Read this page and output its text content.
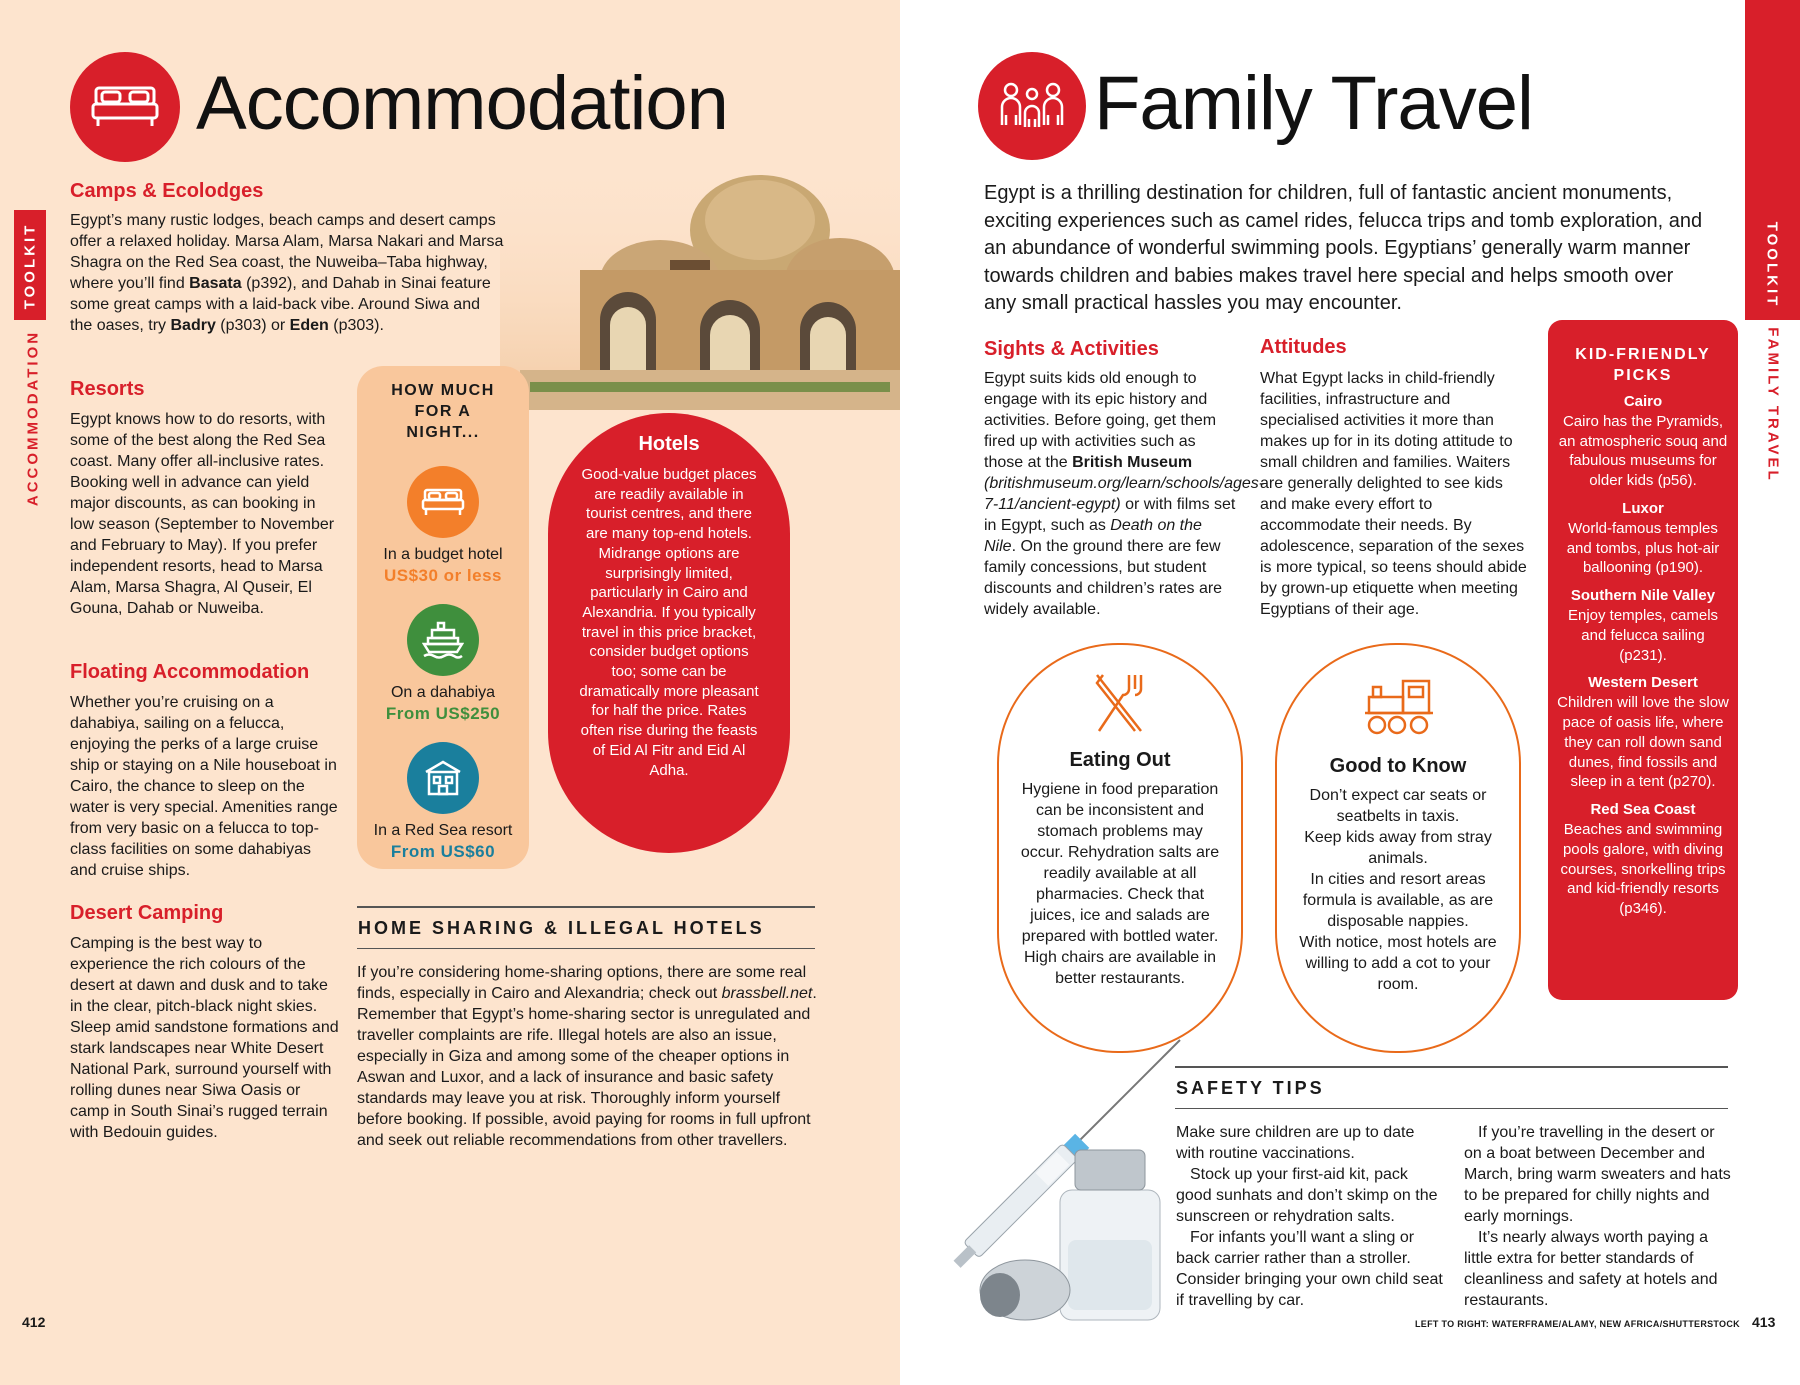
TOOLKIT
ACCOMMODATION
Accommodation
Camps & Ecolodges
Egypt’s many rustic lodges, beach camps and desert camps offer a relaxed holiday. Marsa Alam, Marsa Nakari and Marsa Shagra on the Red Sea coast, the Nuweiba–Taba highway, where you’ll find Basata (p392), and Dahab in Sinai feature some great camps with a laid-back vibe. Around Siwa and the oases, try Badry (p303) or Eden (p303).
Resorts
Egypt knows how to do resorts, with some of the best along the Red Sea coast. Many offer all-inclusive rates. Booking well in advance can yield major discounts, as can booking in low season (September to November and February to May). If you prefer independent resorts, head to Marsa Alam, Marsa Shagra, Al Quseir, El Gouna, Dahab or Nuweiba.
Floating Accommodation
Whether you’re cruising on a dahabiya, sailing on a felucca, enjoying the perks of a large cruise ship or staying on a Nile houseboat in Cairo, the chance to sleep on the water is very special. Amenities range from very basic on a felucca to top-class facilities on some dahabiyas and cruise ships.
Desert Camping
Camping is the best way to experience the rich colours of the desert at dawn and dusk and to take in the clear, pitch-black night skies. Sleep amid sandstone formations and stark landscapes near White Desert National Park, surround yourself with rolling dunes near Siwa Oasis or camp in South Sinai’s rugged terrain with Bedouin guides.
HOW MUCH FOR A NIGHT...
In a budget hotel
US$30 or less
On a dahabiya
From US$250
In a Red Sea resort
From US$60
Hotels
Good-value budget places are readily available in tourist centres, and there are many top-end hotels. Midrange options are surprisingly limited, particularly in Cairo and Alexandria. If you typically travel in this price bracket, consider budget options too; some can be dramatically more pleasant for half the price. Rates often rise during the feasts of Eid Al Fitr and Eid Al Adha.
HOME SHARING & ILLEGAL HOTELS
If you’re considering home-sharing options, there are some real finds, especially in Cairo and Alexandria; check out brassbell.net. Remember that Egypt’s home-sharing sector is unregulated and traveller complaints are rife. Illegal hotels are also an issue, especially in Giza and among some of the cheaper options in Aswan and Luxor, and a lack of insurance and basic safety standards may leave you at risk. Thoroughly inform yourself before booking. If possible, avoid paying for rooms in full upfront and seek out reliable recommendations from other travellers.
412
TOOLKIT
FAMILY TRAVEL
Family Travel
Egypt is a thrilling destination for children, full of fantastic ancient monuments, exciting experiences such as camel rides, felucca trips and tomb exploration, and an abundance of wonderful swimming pools. Egyptians’ generally warm manner towards children and babies makes travel here special and helps smooth over any small practical hassles you may encounter.
Sights & Activities
Egypt suits kids old enough to engage with its epic history and activities. Before going, get them fired up with activities such as those at the British Museum (britishmuseum.org/learn/schools/ages-7-11/ancient-egypt) or with films set in Egypt, such as Death on the Nile. On the ground there are few family concessions, but student discounts and children’s rates are widely available.
Attitudes
What Egypt lacks in child-friendly facilities, infrastructure and specialised activities it more than makes up for in its doting attitude to small children and families. Waiters are generally delighted to see kids and make every effort to accommodate their needs. By adolescence, separation of the sexes is more typical, so teens should abide by grown-up etiquette when meeting Egyptians of their age.
KID-FRIENDLY PICKS
Cairo
Cairo has the Pyramids, an atmospheric souq and fabulous museums for older kids (p56).
Luxor
World-famous temples and tombs, plus hot-air ballooning (p190).
Southern Nile Valley
Enjoy temples, camels and felucca sailing (p231).
Western Desert
Children will love the slow pace of oasis life, where they can roll down sand dunes, find fossils and sleep in a tent (p270).
Red Sea Coast
Beaches and swimming pools galore, with diving courses, snorkelling trips and kid-friendly resorts (p346).
Eating Out
Hygiene in food preparation can be inconsistent and stomach problems may occur. Rehydration salts are readily available at all pharmacies. Check that juices, ice and salads are prepared with bottled water. High chairs are available in better restaurants.
Good to Know
Don’t expect car seats or seatbelts in taxis.
Keep kids away from stray animals.
In cities and resort areas formula is available, as are disposable nappies.
With notice, most hotels are willing to add a cot to your room.
SAFETY TIPS

Make sure children are up to date with routine vaccinations.

Stock up your first-aid kit, pack good sunhats and don’t skimp on the sunscreen or rehydration salts.

For infants you’ll want a sling or back carrier rather than a stroller. Consider bringing your own child seat if travelling by car.

If you’re travelling in the desert or on a boat between December and March, bring warm sweaters and hats to be prepared for chilly nights and early mornings.

It’s nearly always worth paying a little extra for better standards of cleanliness and safety at hotels and restaurants.

LEFT TO RIGHT: WATERFRAME/ALAMY, NEW AFRICA/SHUTTERSTOCK 413
